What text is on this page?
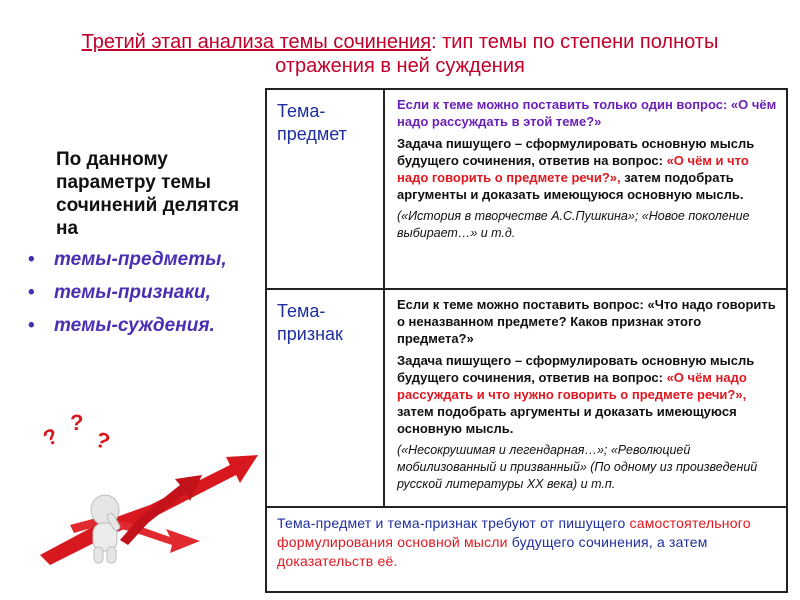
Третий этап анализа темы сочинения: тип темы по степени полноты отражения в ней суждения
По данному параметру темы сочинений делятся на
• темы-предметы,
• темы-признаки,
• темы-суждения.
?
?
?
Тема-предмет	Если к теме можно поставить только один вопрос: «О чём надо рассуждать в этой теме?»
Задача пишущего – сформулировать основную мысль будущего сочинения, ответив на вопрос: «О чём и что надо говорить о предмете речи?», затем подобрать аргументы и доказать имеющуюся основную мысль.
(«История в творчестве А.С.Пушкина»; «Новое поколение выбирает…» и т.д.

Тема-признак	Если к теме можно поставить вопрос: «Что надо говорить о неназванном предмете? Каков признак этого предмета?»
Задача пишущего – сформулировать основную мысль будущего сочинения, ответив на вопрос: «О чём надо рассуждать и что нужно говорить о предмете речи?», затем подобрать аргументы и доказать имеющуюся основную мысль.
(«Несокрушимая и легендарная…»; «Революцией мобилизованный и призванный» (По одному из произведений русской литературы XX века) и т.п.

Тема-предмет и тема-признак требуют от пишущего самостоятельного формулирования основной мысли будущего сочинения, а затем доказательств её.	
